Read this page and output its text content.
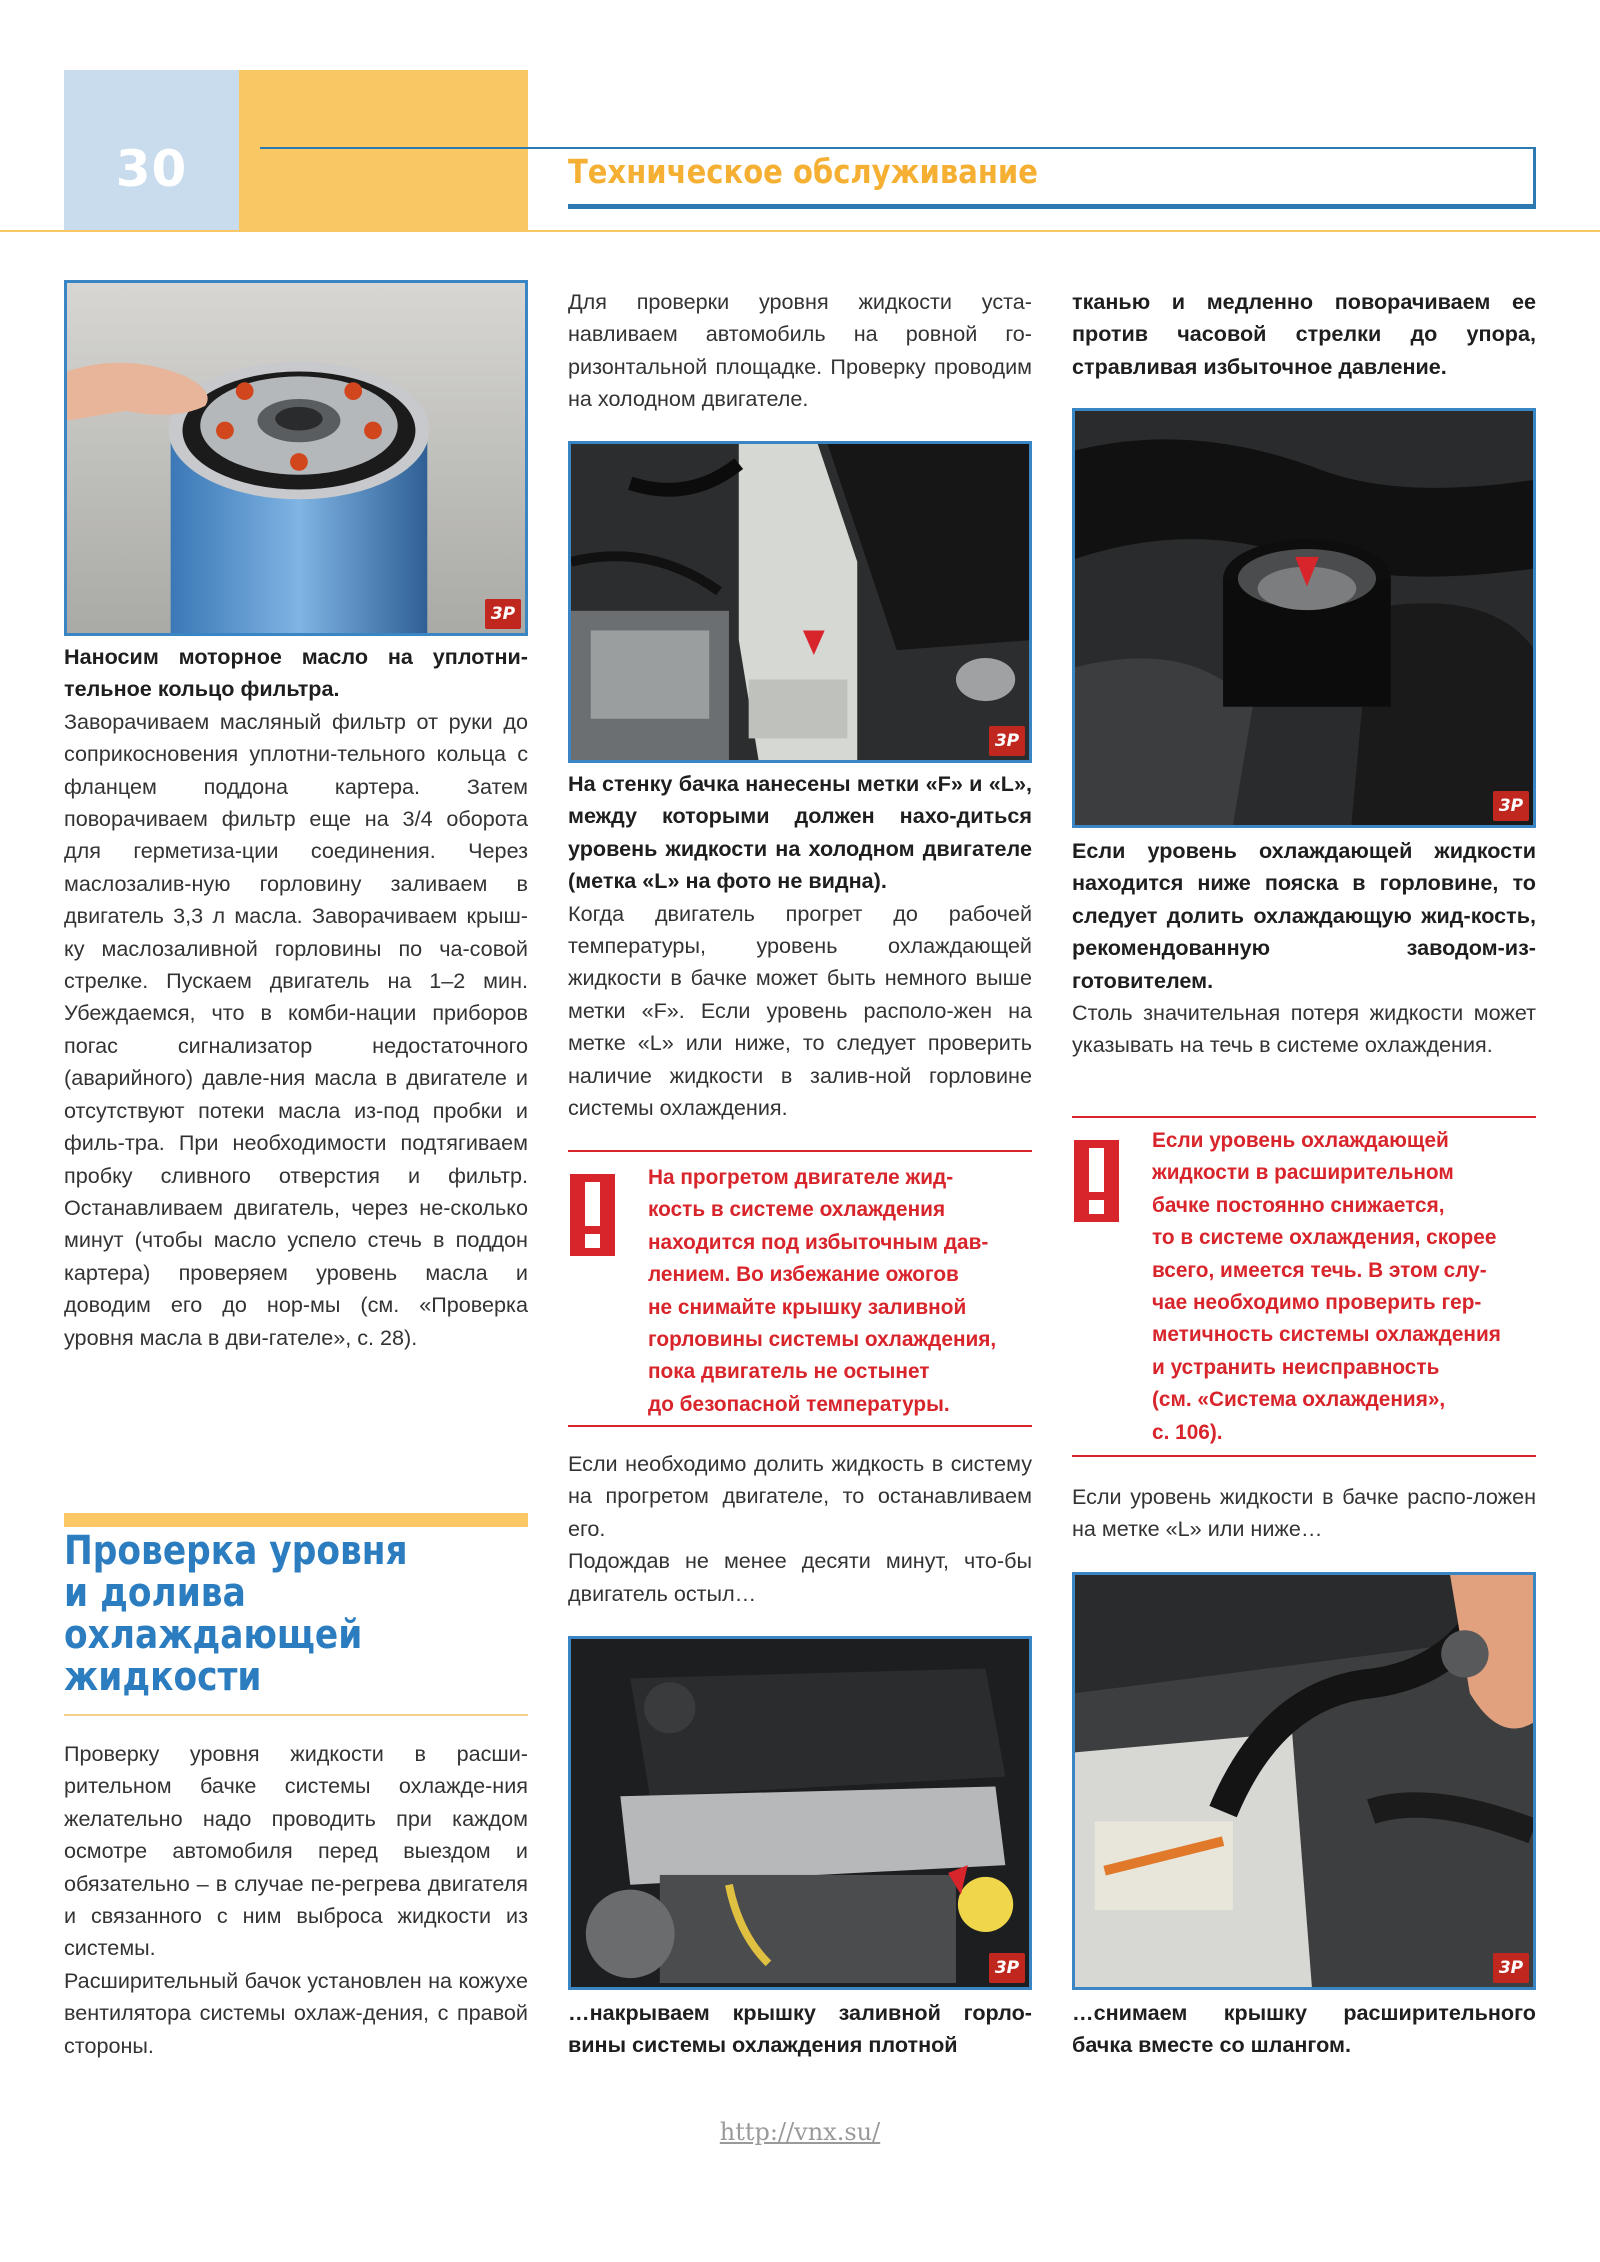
30	Техническое обслуживание
3P

Наносим моторное масло на уплотни-тельное кольцо фильтра.

Заворачиваем масляный фильтр от руки до соприкосновения уплотни-тельного кольца с фланцем поддона картера. Затем поворачиваем фильтр еще на 3/4 оборота для герметиза-ции соединения. Через маслозалив-ную горловину заливаем в двигатель 3,3 л масла. Заворачиваем крыш-ку маслозаливной горловины по ча-совой стрелке. Пускаем двигатель на 1–2 мин. Убеждаемся, что в комби-нации приборов погас сигнализатор недостаточного (аварийного) давле-ния масла в двигателе и отсутствуют потеки масла из-под пробки и филь-тра. При необходимости подтягиваем пробку сливного отверстия и фильтр. Останавливаем двигатель, через не-сколько минут (чтобы масло успело стечь в поддон картера) проверяем уровень масла и доводим его до нор-мы (см. «Проверка уровня масла в дви-гателе», с. 28).

Проверка уровня

и долива

охлаждающей

жидкости

Проверку уровня жидкости в расши-рительном бачке системы охлажде-ния желательно надо проводить при каждом осмотре автомобиля перед выездом и обязательно – в случае пе-регрева двигателя и связанного с ним выброса жидкости из системы.

Расширительный бачок установлен на кожухе вентилятора системы охлаж-дения, с правой стороны.

Для проверки уровня жидкости уста-навливаем автомобиль на ровной го-ризонтальной площадке. Проверку проводим на холодном двигателе.

3P

На стенку бачка нанесены метки «F» и «L», между которыми должен нахо-диться уровень жидкости на холодном двигателе (метка «L» на фото не видна).

Когда двигатель прогрет до рабочей температуры, уровень охлаждающей жидкости в бачке может быть немного выше метки «F». Если уровень располо-жен на метке «L» или ниже, то следует проверить наличие жидкости в залив-ной горловине системы охлаждения.

На прогретом двигателе жид-

кость в системе охлаждения

находится под избыточным дав-

лением. Во избежание ожогов

не снимайте крышку заливной

горловины системы охлаждения,

пока двигатель не остынет

до безопасной температуры.

Если необходимо долить жидкость в систему на прогретом двигателе, то останавливаем его.

Подождав не менее десяти минут, что-бы двигатель остыл…

3P

…накрываем крышку заливной горло-вины системы охлаждения плотной

тканью и медленно поворачиваем ее против часовой стрелки до упора, стравливая избыточное давление.

3P

Если уровень охлаждающей жидкости находится ниже пояска в горловине, то следует долить охлаждающую жид-кость, рекомендованную заводом-из-готовителем.

Столь значительная потеря жидкости может указывать на течь в системе охлаждения.

Если уровень охлаждающей

жидкости в расширительном

бачке постоянно снижается,

то в системе охлаждения, скорее

всего, имеется течь. В этом слу-

чае необходимо проверить гер-

метичность системы охлаждения

и устранить неисправность

(см. «Система охлаждения»,

с. 106).

Если уровень жидкости в бачке распо-ложен на метке «L» или ниже…

3P

…снимаем крышку расширительного бачка вместе со шлангом.

http://vnx.su/
